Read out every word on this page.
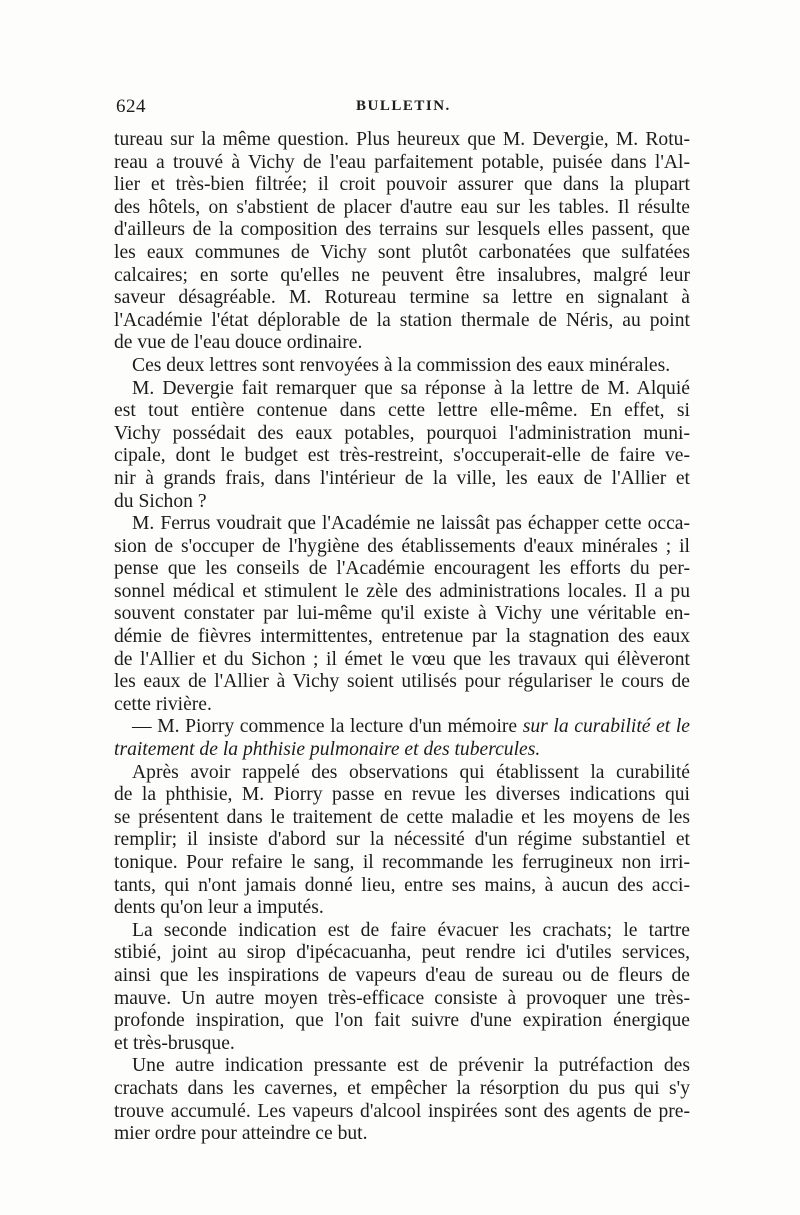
624	BULLETIN.
tureau sur la même question. Plus heureux que M. Devergie, M. Rotu-
reau a trouvé à Vichy de l'eau parfaitement potable, puisée dans l'Al-
lier et très-bien filtrée; il croit pouvoir assurer que dans la plupart
des hôtels, on s'abstient de placer d'autre eau sur les tables. Il résulte
d'ailleurs de la composition des terrains sur lesquels elles passent, que
les eaux communes de Vichy sont plutôt carbonatées que sulfatées
calcaires; en sorte qu'elles ne peuvent être insalubres, malgré leur
saveur désagréable. M. Rotureau termine sa lettre en signalant à
l'Académie l'état déplorable de la station thermale de Néris, au point
de vue de l'eau douce ordinaire.
Ces deux lettres sont renvoyées à la commission des eaux minérales.
M. Devergie fait remarquer que sa réponse à la lettre de M. Alquié
est tout entière contenue dans cette lettre elle-même. En effet, si
Vichy possédait des eaux potables, pourquoi l'administration muni-
cipale, dont le budget est très-restreint, s'occuperait-elle de faire ve-
nir à grands frais, dans l'intérieur de la ville, les eaux de l'Allier et
du Sichon ?
M. Ferrus voudrait que l'Académie ne laissât pas échapper cette occa-
sion de s'occuper de l'hygiène des établissements d'eaux minérales ; il
pense que les conseils de l'Académie encouragent les efforts du per-
sonnel médical et stimulent le zèle des administrations locales. Il a pu
souvent constater par lui-même qu'il existe à Vichy une véritable en-
démie de fièvres intermittentes, entretenue par la stagnation des eaux
de l'Allier et du Sichon ; il émet le vœu que les travaux qui élèveront
les eaux de l'Allier à Vichy soient utilisés pour régulariser le cours de
cette rivière.
— M. Piorry commence la lecture d'un mémoire sur la curabilité et le
traitement de la phthisie pulmonaire et des tubercules.
Après avoir rappelé des observations qui établissent la curabilité
de la phthisie, M. Piorry passe en revue les diverses indications qui
se présentent dans le traitement de cette maladie et les moyens de les
remplir; il insiste d'abord sur la nécessité d'un régime substantiel et
tonique. Pour refaire le sang, il recommande les ferrugineux non irri-
tants, qui n'ont jamais donné lieu, entre ses mains, à aucun des acci-
dents qu'on leur a imputés.
La seconde indication est de faire évacuer les crachats; le tartre
stibié, joint au sirop d'ipécacuanha, peut rendre ici d'utiles services,
ainsi que les inspirations de vapeurs d'eau de sureau ou de fleurs de
mauve. Un autre moyen très-efficace consiste à provoquer une très-
profonde inspiration, que l'on fait suivre d'une expiration énergique
et très-brusque.
Une autre indication pressante est de prévenir la putréfaction des
crachats dans les cavernes, et empêcher la résorption du pus qui s'y
trouve accumulé. Les vapeurs d'alcool inspirées sont des agents de pre-
mier ordre pour atteindre ce but.
